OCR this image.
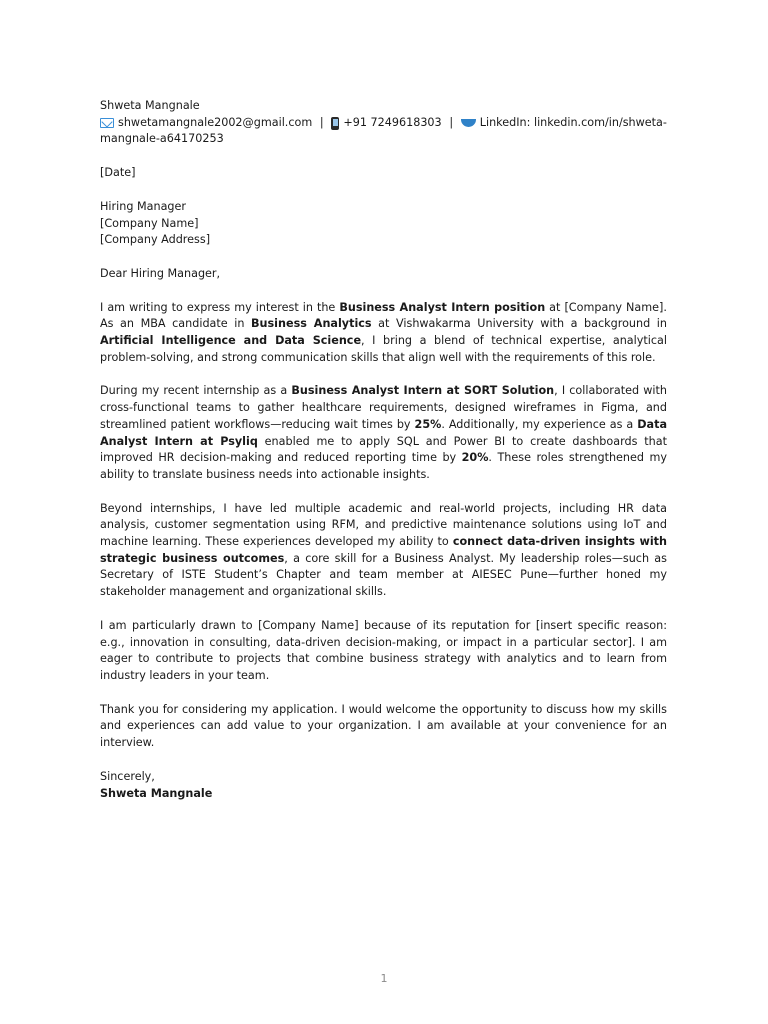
Shweta Mangnale
shwetamangnale2002@gmail.com | +91 7249618303 | LinkedIn: linkedin.com/in/shweta-
mangnale-a64170253
[Date]
Hiring Manager
[Company Name]
[Company Address]
Dear Hiring Manager,
I am writing to express my interest in the Business Analyst Intern position at [Company Name]. As an MBA candidate in Business Analytics at Vishwakarma University with a background in Artificial Intelligence and Data Science, I bring a blend of technical expertise, analytical problem-solving, and strong communication skills that align well with the requirements of this role.
During my recent internship as a Business Analyst Intern at SORT Solution, I collaborated with cross-functional teams to gather healthcare requirements, designed wireframes in Figma, and streamlined patient workflows—reducing wait times by 25%. Additionally, my experience as a Data Analyst Intern at Psyliq enabled me to apply SQL and Power BI to create dashboards that improved HR decision-making and reduced reporting time by 20%. These roles strengthened my ability to translate business needs into actionable insights.
Beyond internships, I have led multiple academic and real-world projects, including HR data analysis, customer segmentation using RFM, and predictive maintenance solutions using IoT and machine learning. These experiences developed my ability to connect data-driven insights with strategic business outcomes, a core skill for a Business Analyst. My leadership roles—such as Secretary of ISTE Student’s Chapter and team member at AIESEC Pune—further honed my stakeholder management and organizational skills.
I am particularly drawn to [Company Name] because of its reputation for [insert specific reason: e.g., innovation in consulting, data-driven decision-making, or impact in a particular sector]. I am eager to contribute to projects that combine business strategy with analytics and to learn from industry leaders in your team.
Thank you for considering my application. I would welcome the opportunity to discuss how my skills and experiences can add value to your organization. I am available at your convenience for an interview.
Sincerely,
Shweta Mangnale
1
